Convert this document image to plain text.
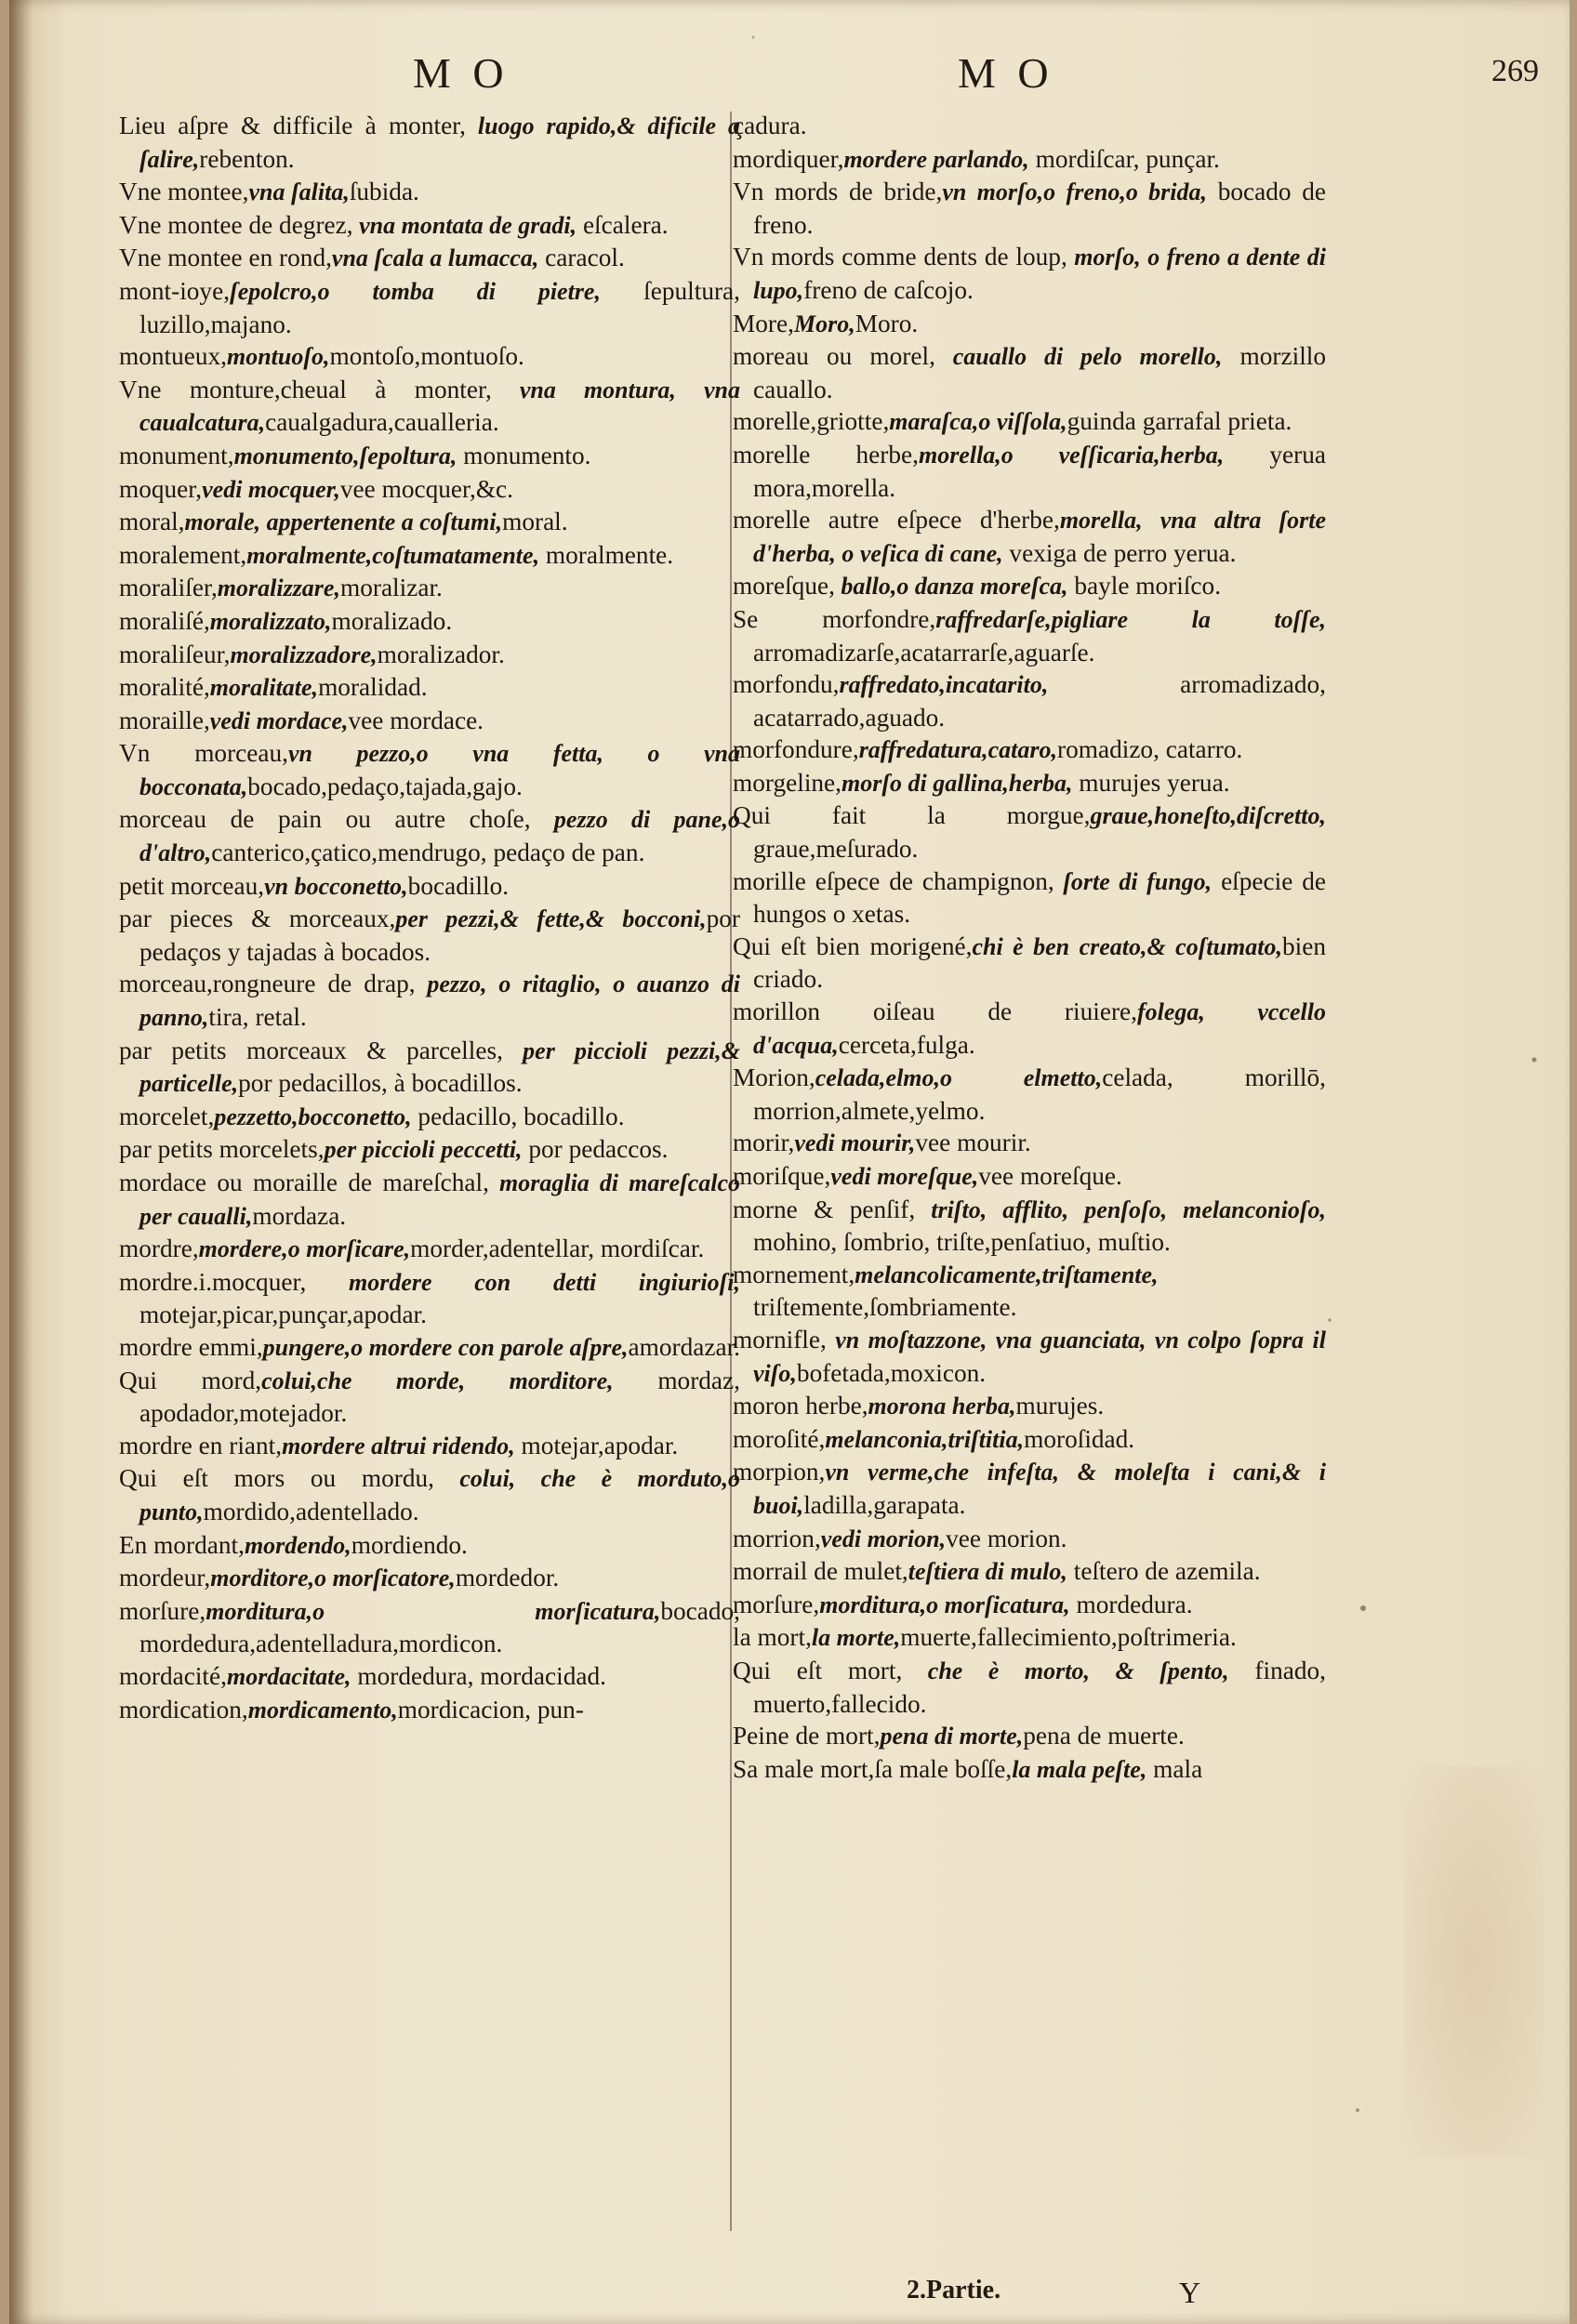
M O	M O	269
Lieu aſpre & difficile à monter, luogo rapido,& dificile a ſalire,rebenton.
Vne montee,vna ſalita,ſubida.
Vne montee de degrez, vna montata de gradi, eſcalera.
Vne montee en rond,vna ſcala a lumacca, caracol.
mont-ioye,ſepolcro,o tomba di pietre, ſepultura, luzillo,majano.
montueux,montuoſo,montoſo,montuoſo.
Vne monture,cheual à monter, vna montura, vna caualcatura,caualgadura,caualleria.
monument,monumento,ſepoltura, monumento.
moquer,vedi mocquer,vee mocquer,&c.
moral,morale, appertenente a coſtumi,moral.
moralement,moralmente,coſtumatamente, moralmente.
moraliſer,moralizzare,moralizar.
moraliſé,moralizzato,moralizado.
moraliſeur,moralizzadore,moralizador.
moralité,moralitate,moralidad.
moraille,vedi mordace,vee mordace.
Vn morceau,vn pezzo,o vna fetta, o vna bocconata,bocado,pedaço,tajada,gajo.
morceau de pain ou autre choſe, pezzo di pane,o d'altro,canterico,çatico,mendrugo, pedaço de pan.
petit morceau,vn bocconetto,bocadillo.
par pieces & morceaux,per pezzi,& fette,& bocconi,por pedaços y tajadas à bocados.
morceau,rongneure de drap, pezzo, o ritaglio, o auanzo di panno,tira, retal.
par petits morceaux & parcelles, per piccioli pezzi,& particelle,por pedacillos, à bocadillos.
morcelet,pezzetto,bocconetto, pedacillo, bocadillo.
par petits morcelets,per piccioli peccetti, por pedaccos.
mordace ou moraille de mareſchal, moraglia di mareſcalco per caualli,mordaza.
mordre,mordere,o morſicare,morder,adentellar, mordiſcar.
mordre.i.mocquer, mordere con detti ingiurioſi, motejar,picar,punçar,apodar.
mordre emmi,pungere,o mordere con parole aſpre,amordazar.
Qui mord,colui,che morde, morditore, mordaz, apodador,motejador.
mordre en riant,mordere altrui ridendo, motejar,apodar.
Qui eſt mors ou mordu, colui, che è morduto,o punto,mordido,adentellado.
En mordant,mordendo,mordiendo.
mordeur,morditore,o morſicatore,mordedor.
morſure,morditura,o morſicatura,bocado, mordedura,adentelladura,mordicon.
mordacité,mordacitate, mordedura, mordacidad.
mordication,mordicamento,mordicacion, pun-
çadura.
mordiquer,mordere parlando, mordiſcar, punçar.
Vn mords de bride,vn morſo,o freno,o brida, bocado de freno.
Vn mords comme dents de loup, morſo, o freno a dente di lupo,freno de caſcojo.
More,Moro,Moro.
moreau ou morel, cauallo di pelo morello, morzillo cauallo.
morelle,griotte,maraſca,o viſſola,guinda garrafal prieta.
morelle herbe,morella,o veſſicaria,herba, yerua mora,morella.
morelle autre eſpece d'herbe,morella, vna altra ſorte d'herba, o veſica di cane, vexiga de perro yerua.
moreſque, ballo,o danza moreſca, bayle moriſco.
Se morfondre,raffredarſe,pigliare la toſſe, arromadizarſe,acatarrarſe,aguarſe.
morfondu,raffredato,incatarito, arromadizado, acatarrado,aguado.
morfondure,raffredatura,cataro,romadizo, catarro.
morgeline,morſo di gallina,herba, murujes yerua.
Qui fait la morgue,graue,honeſto,diſcretto, graue,meſurado.
morille eſpece de champignon, ſorte di fungo, eſpecie de hungos o xetas.
Qui eſt bien morigené,chi è ben creato,& coſtumato,bien criado.
morillon oiſeau de riuiere,folega, vccello d'acqua,cerceta,fulga.
Morion,celada,elmo,o elmetto,celada, morillō, morrion,almete,yelmo.
morir,vedi mourir,vee mourir.
moriſque,vedi moreſque,vee moreſque.
morne & penſif, triſto, afflito, penſoſo, melanconioſo, mohino, ſombrio, triſte,penſatiuo, muſtio.
mornement,melancolicamente,triſtamente, triſtemente,ſombriamente.
mornifle, vn moſtazzone, vna guanciata, vn colpo ſopra il viſo,bofetada,moxicon.
moron herbe,morona herba,murujes.
moroſité,melanconia,triſtitia,moroſidad.
morpion,vn verme,che infeſta, & moleſta i cani,& i buoi,ladilla,garapata.
morrion,vedi morion,vee morion.
morrail de mulet,teſtiera di mulo, teſtero de azemila.
morſure,morditura,o morſicatura, mordedura.
la mort,la morte,muerte,fallecimiento,poſtrimeria.
Qui eſt mort, che è morto, & ſpento, finado, muerto,fallecido.
Peine de mort,pena di morte,pena de muerte.
Sa male mort,ſa male boſſe,la mala peſte, mala
2.Partie.	Y
